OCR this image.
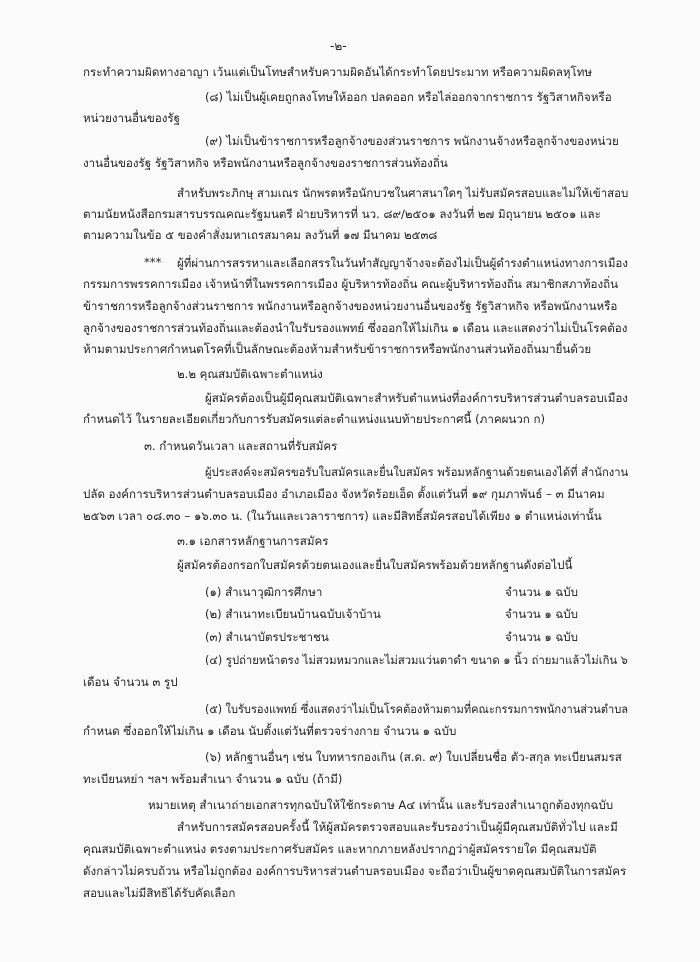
-๒-
กระทำความผิดทางอาญา เว้นแต่เป็นโทษสำหรับความผิดอันได้กระทำโดยประมาท หรือความผิดลหุโทษ
(๘) ไม่เป็นผู้เคยถูกลงโทษให้ออก ปลดออก หรือไล่ออกจากราชการ รัฐวิสาหกิจหรือ
หน่วยงานอื่นของรัฐ
(๙) ไม่เป็นข้าราชการหรือลูกจ้างของส่วนราชการ พนักงานจ้างหรือลูกจ้างของหน่วย
งานอื่นของรัฐ รัฐวิสาหกิจ หรือพนักงานหรือลูกจ้างของราชการส่วนท้องถิ่น
สำหรับพระภิกษุ สามเณร นักพรตหรือนักบวชในศาสนาใดๆ ไม่รับสมัครสอบและไม่ให้เข้าสอบ
ตามนัยหนังสือกรมสารบรรณคณะรัฐมนตรี ฝ่ายบริหารที่ นว. ๘๙/๒๕๐๑ ลงวันที่ ๒๗ มิถุนายน ๒๕๐๑ และ
ตามความในข้อ ๕ ของคำสั่งมหาเถรสมาคม ลงวันที่ ๑๗ มีนาคม ๒๕๓๘
*** ผู้ที่ผ่านการสรรหาและเลือกสรรในวันทำสัญญาจ้างจะต้องไม่เป็นผู้ดำรงตำแหน่งทางการเมือง
กรรมการพรรคการเมือง เจ้าหน้าที่ในพรรคการเมือง ผู้บริหารท้องถิ่น คณะผู้บริหารท้องถิ่น สมาชิกสภาท้องถิ่น
ข้าราชการหรือลูกจ้างส่วนราชการ พนักงานหรือลูกจ้างของหน่วยงานอื่นของรัฐ รัฐวิสาหกิจ หรือพนักงานหรือ
ลูกจ้างของราชการส่วนท้องถิ่นและต้องนำใบรับรองแพทย์ ซึ่งออกให้ไม่เกิน ๑ เดือน และแสดงว่าไม่เป็นโรคต้อง
ห้ามตามประกาศกำหนดโรคที่เป็นลักษณะต้องห้ามสำหรับข้าราชการหรือพนักงานส่วนท้องถิ่นมายื่นด้วย
๒.๒ คุณสมบัติเฉพาะตำแหน่ง
ผู้สมัครต้องเป็นผู้มีคุณสมบัติเฉพาะสำหรับตำแหน่งที่องค์การบริหารส่วนตำบลรอบเมือง
กำหนดไว้ ในรายละเอียดเกี่ยวกับการรับสมัครแต่ละตำแหน่งแนบท้ายประกาศนี้ (ภาคผนวก ก)
๓. กำหนดวันเวลา และสถานที่รับสมัคร
ผู้ประสงค์จะสมัครขอรับใบสมัครและยื่นใบสมัคร พร้อมหลักฐานด้วยตนเองได้ที่ สำนักงาน
ปลัด องค์การบริหารส่วนตำบลรอบเมือง อำเภอเมือง จังหวัดร้อยเอ็ด ตั้งแต่วันที่ ๑๙ กุมภาพันธ์ – ๓ มีนาคม
๒๕๖๓ เวลา ๐๘.๓๐ – ๑๖.๓๐ น. (ในวันและเวลาราชการ) และมีสิทธิ์สมัครสอบได้เพียง ๑ ตำแหน่งเท่านั้น
๓.๑ เอกสารหลักฐานการสมัคร
ผู้สมัครต้องกรอกใบสมัครด้วยตนเองและยื่นใบสมัครพร้อมด้วยหลักฐานดังต่อไปนี้
(๑) สำเนาวุฒิการศึกษา	จำนวน ๑ ฉบับ
(๒) สำเนาทะเบียนบ้านฉบับเจ้าบ้าน	จำนวน ๑ ฉบับ
(๓) สำเนาบัตรประชาชน	จำนวน ๑ ฉบับ
(๔) รูปถ่ายหน้าตรง ไม่สวมหมวกและไม่สวมแว่นตาดำ ขนาด ๑ นิ้ว ถ่ายมาแล้วไม่เกิน ๖
เดือน จำนวน ๓ รูป
(๕) ใบรับรองแพทย์ ซึ่งแสดงว่าไม่เป็นโรคต้องห้ามตามที่คณะกรรมการพนักงานส่วนตำบล
กำหนด ซึ่งออกให้ไม่เกิน ๑ เดือน นับตั้งแต่วันที่ตรวจร่างกาย จำนวน ๑ ฉบับ
(๖) หลักฐานอื่นๆ เช่น ใบทหารกองเกิน (ส.ด. ๙) ใบเปลี่ยนชื่อ ตัว-สกุล ทะเบียนสมรส
ทะเบียนหย่า ฯลฯ พร้อมสำเนา จำนวน ๑ ฉบับ (ถ้ามี)
หมายเหตุ สำเนาถ่ายเอกสารทุกฉบับให้ใช้กระดาษ A๔ เท่านั้น และรับรองสำเนาถูกต้องทุกฉบับ
สำหรับการสมัครสอบครั้งนี้ ให้ผู้สมัครตรวจสอบและรับรองว่าเป็นผู้มีคุณสมบัติทั่วไป และมี
คุณสมบัติเฉพาะตำแหน่ง ตรงตามประกาศรับสมัคร และหากภายหลังปรากฏว่าผู้สมัครรายใด มีคุณสมบัติ
ดังกล่าวไม่ครบถ้วน หรือไม่ถูกต้อง องค์การบริหารส่วนตำบลรอบเมือง จะถือว่าเป็นผู้ขาดคุณสมบัติในการสมัคร
สอบและไม่มีสิทธิได้รับคัดเลือก
